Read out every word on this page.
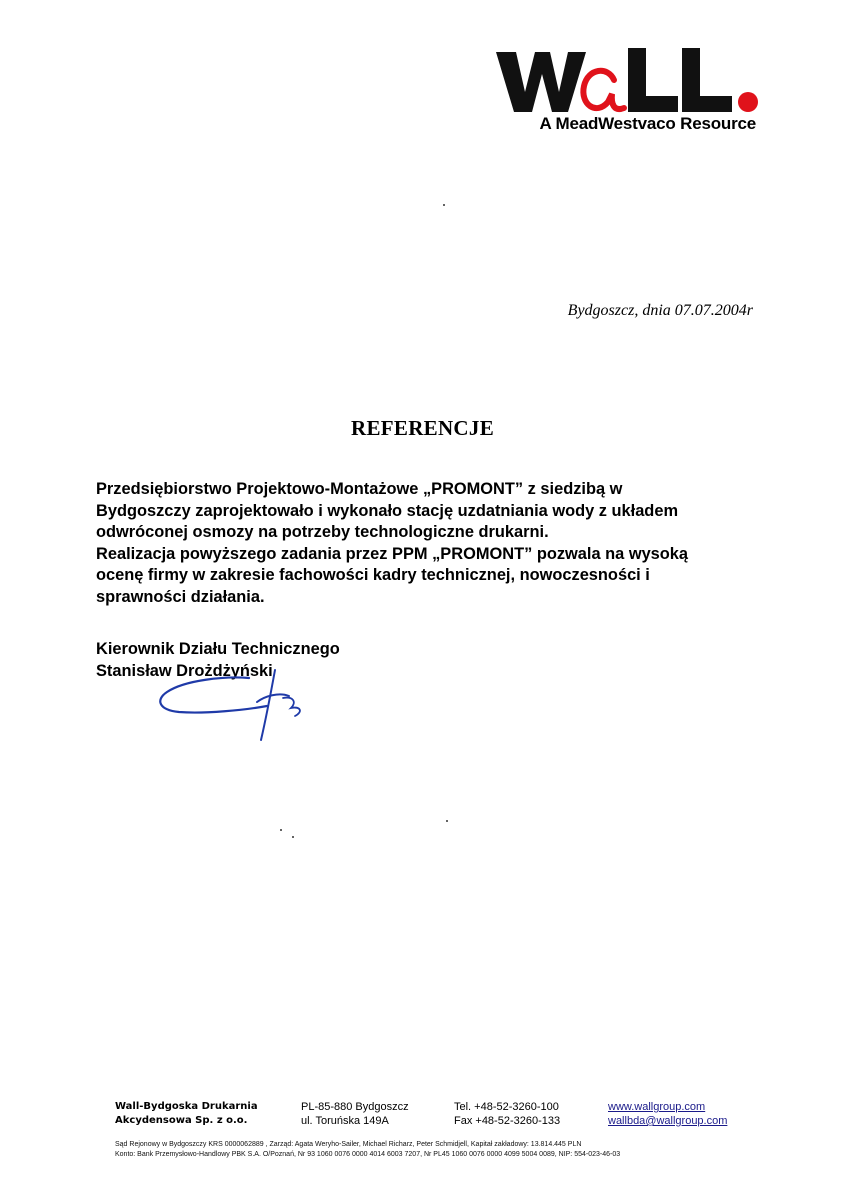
A MeadWestvaco Resource
Bydgoszcz, dnia 07.07.2004r
REFERENCJE

Przedsiębiorstwo Projektowo-Montażowe „PROMONT” z siedzibą w

Bydgoszczy zaprojektowało i wykonało stację uzdatniania wody z układem

odwróconej osmozy na potrzeby technologiczne drukarni.

Realizacja powyższego zadania przez PPM „PROMONT” pozwala na wysoką

ocenę firmy w zakresie fachowości kadry technicznej, nowoczesności i

sprawności działania.

Kierownik Działu Technicznego

Stanisław Drożdżyński

Wall-Bydgoska Drukarnia
Akcydensowa Sp. z o.o.
PL-85-880 Bydgoszcz
ul. Toruńska 149A
Tel. +48-52-3260-100
Fax +48-52-3260-133
www.wallgroup.com
wallbda@wallgroup.com
Sąd Rejonowy w Bydgoszczy KRS 0000062889 , Zarząd: Agata Weryho-Sailer, Michael Richarz, Peter Schmidjell, Kapitał zakładowy: 13.814.445 PLN
Konto: Bank Przemysłowo-Handlowy PBK S.A. O/Poznań, Nr 93 1060 0076 0000 4014 6003 7207, Nr PL45 1060 0076 0000 4099 5004 0089, NIP: 554-023-46-03
